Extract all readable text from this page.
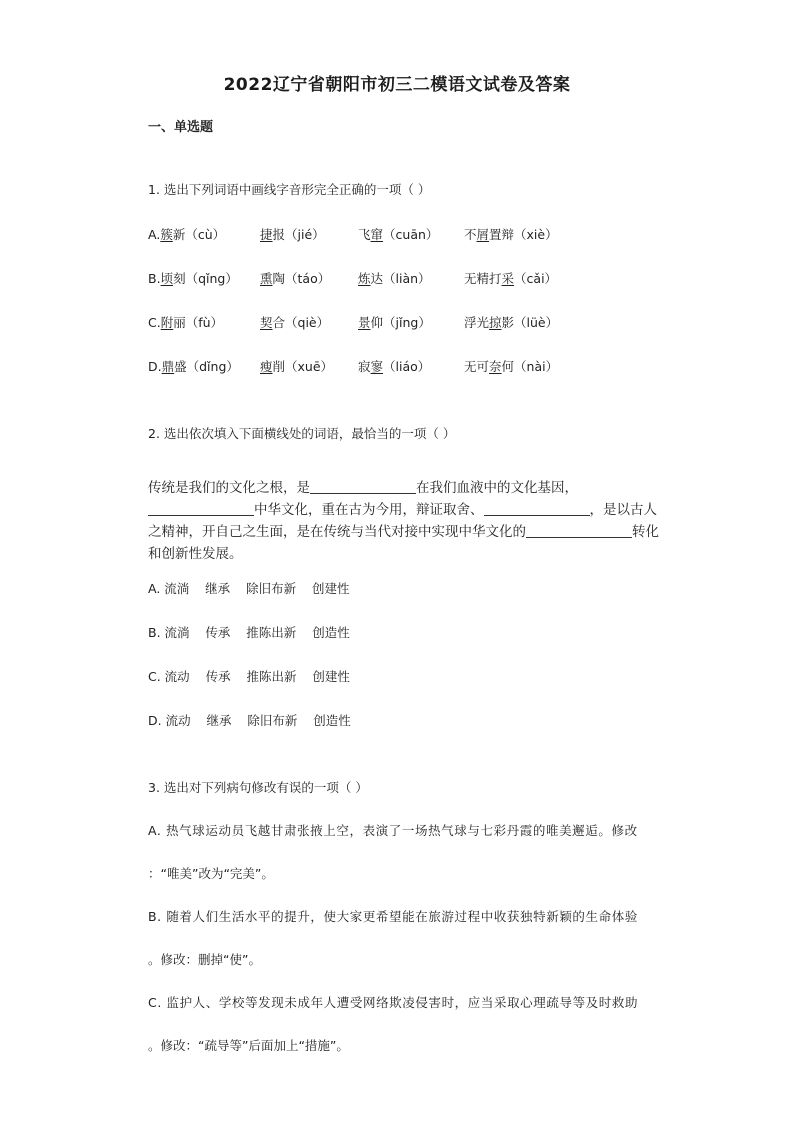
2022辽宁省朝阳市初三二模语文试卷及答案
一、单选题
1. 选出下列词语中画线字音形完全正确的一项（ ）
A.簇新（cù）	捷报（jié）	飞窜（cuān） 不屑置辩（xiè）
B.顷刻（qǐng） 熏陶（táo） 炼达（liàn）	无精打采（cǎi）
C.附丽（fù）	契合（qiè） 景仰（jǐng）	浮光掠影（lüè）
D.鼎盛（dǐng） 瘦削（xuē） 寂寥（liáo）	无可奈何（nài）
2. 选出依次填入下面横线处的词语，最恰当的一项（ ）
传统是我们的文化之根，是	在我们血液中的文化基因，
中华文化，重在古为今用，辩证取舍、	，是以古人
之精神，开自己之生面，是在传统与当代对接中实现中华文化的	转化
和创新性发展。
A. 流淌    继承    除旧布新    创建性
B. 流淌    传承    推陈出新    创造性
C. 流动    传承    推陈出新    创建性
D. 流动    继承    除旧布新    创造性
3. 选出对下列病句修改有误的一项（ ）
A. 热气球运动员飞越甘肃张掖上空，表演了一场热气球与七彩丹霞的唯美邂逅。修改
：“唯美”改为“完美”。
B. 随着人们生活水平的提升，使大家更希望能在旅游过程中收获独特新颖的生命体验
。修改：删掉“使”。
C. 监护人、学校等发现未成年人遭受网络欺凌侵害时，应当采取心理疏导等及时救助
。修改：“疏导等”后面加上“措施”。
